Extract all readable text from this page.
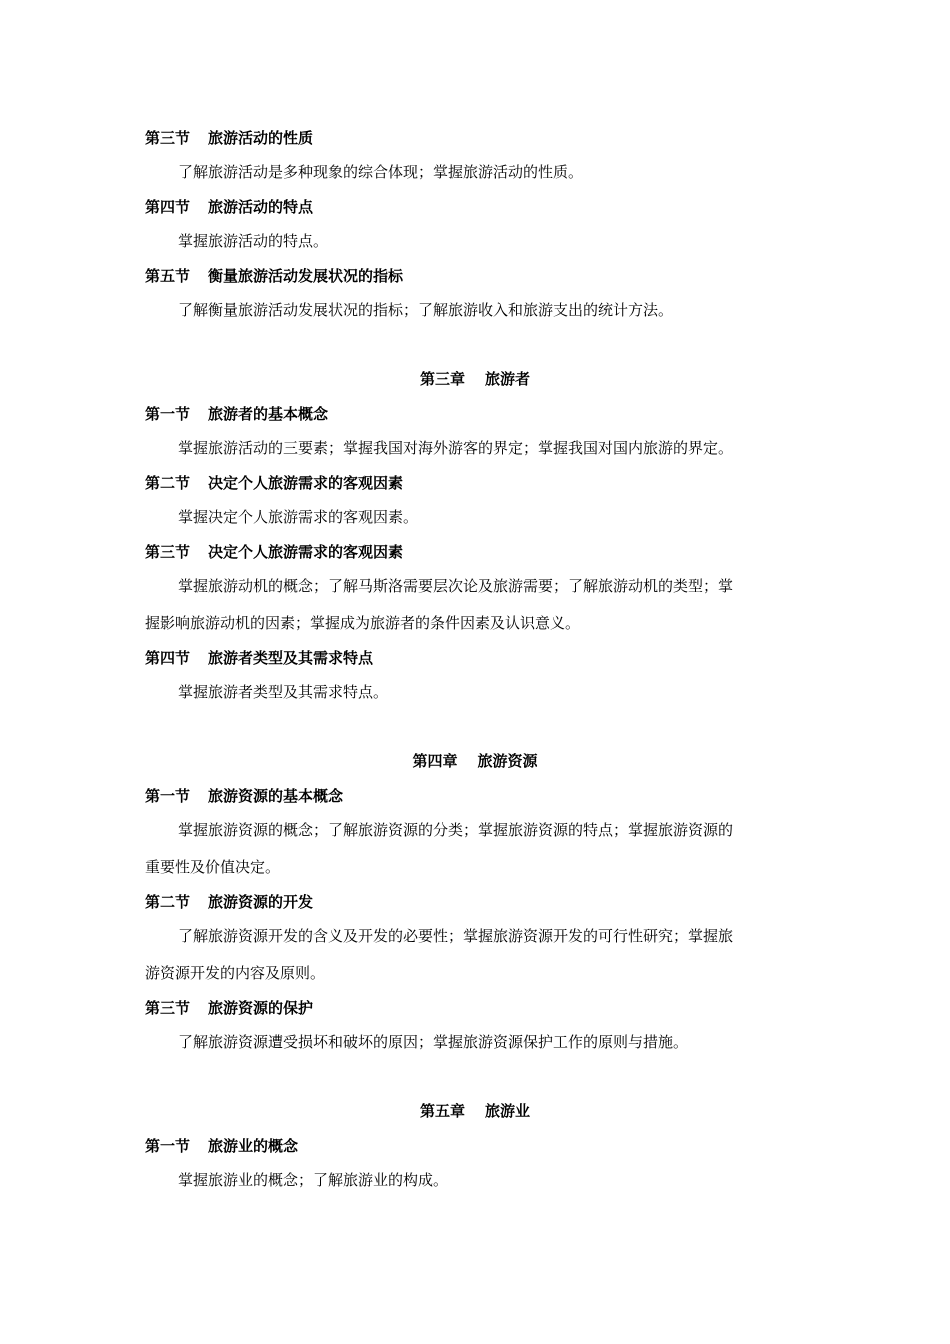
第三节 旅游活动的性质
了解旅游活动是多种现象的综合体现；掌握旅游活动的性质。
第四节 旅游活动的特点
掌握旅游活动的特点。
第五节 衡量旅游活动发展状况的指标
了解衡量旅游活动发展状况的指标；了解旅游收入和旅游支出的统计方法。
第三章 旅游者
第一节 旅游者的基本概念
掌握旅游活动的三要素；掌握我国对海外游客的界定；掌握我国对国内旅游的界定。
第二节 决定个人旅游需求的客观因素
掌握决定个人旅游需求的客观因素。
第三节 决定个人旅游需求的客观因素
掌握旅游动机的概念；了解马斯洛需要层次论及旅游需要；了解旅游动机的类型；掌
握影响旅游动机的因素；掌握成为旅游者的条件因素及认识意义。
第四节 旅游者类型及其需求特点
掌握旅游者类型及其需求特点。
第四章 旅游资源
第一节 旅游资源的基本概念
掌握旅游资源的概念；了解旅游资源的分类；掌握旅游资源的特点；掌握旅游资源的
重要性及价值决定。
第二节 旅游资源的开发
了解旅游资源开发的含义及开发的必要性；掌握旅游资源开发的可行性研究；掌握旅
游资源开发的内容及原则。
第三节 旅游资源的保护
了解旅游资源遭受损坏和破坏的原因；掌握旅游资源保护工作的原则与措施。
第五章 旅游业
第一节 旅游业的概念
掌握旅游业的概念；了解旅游业的构成。
